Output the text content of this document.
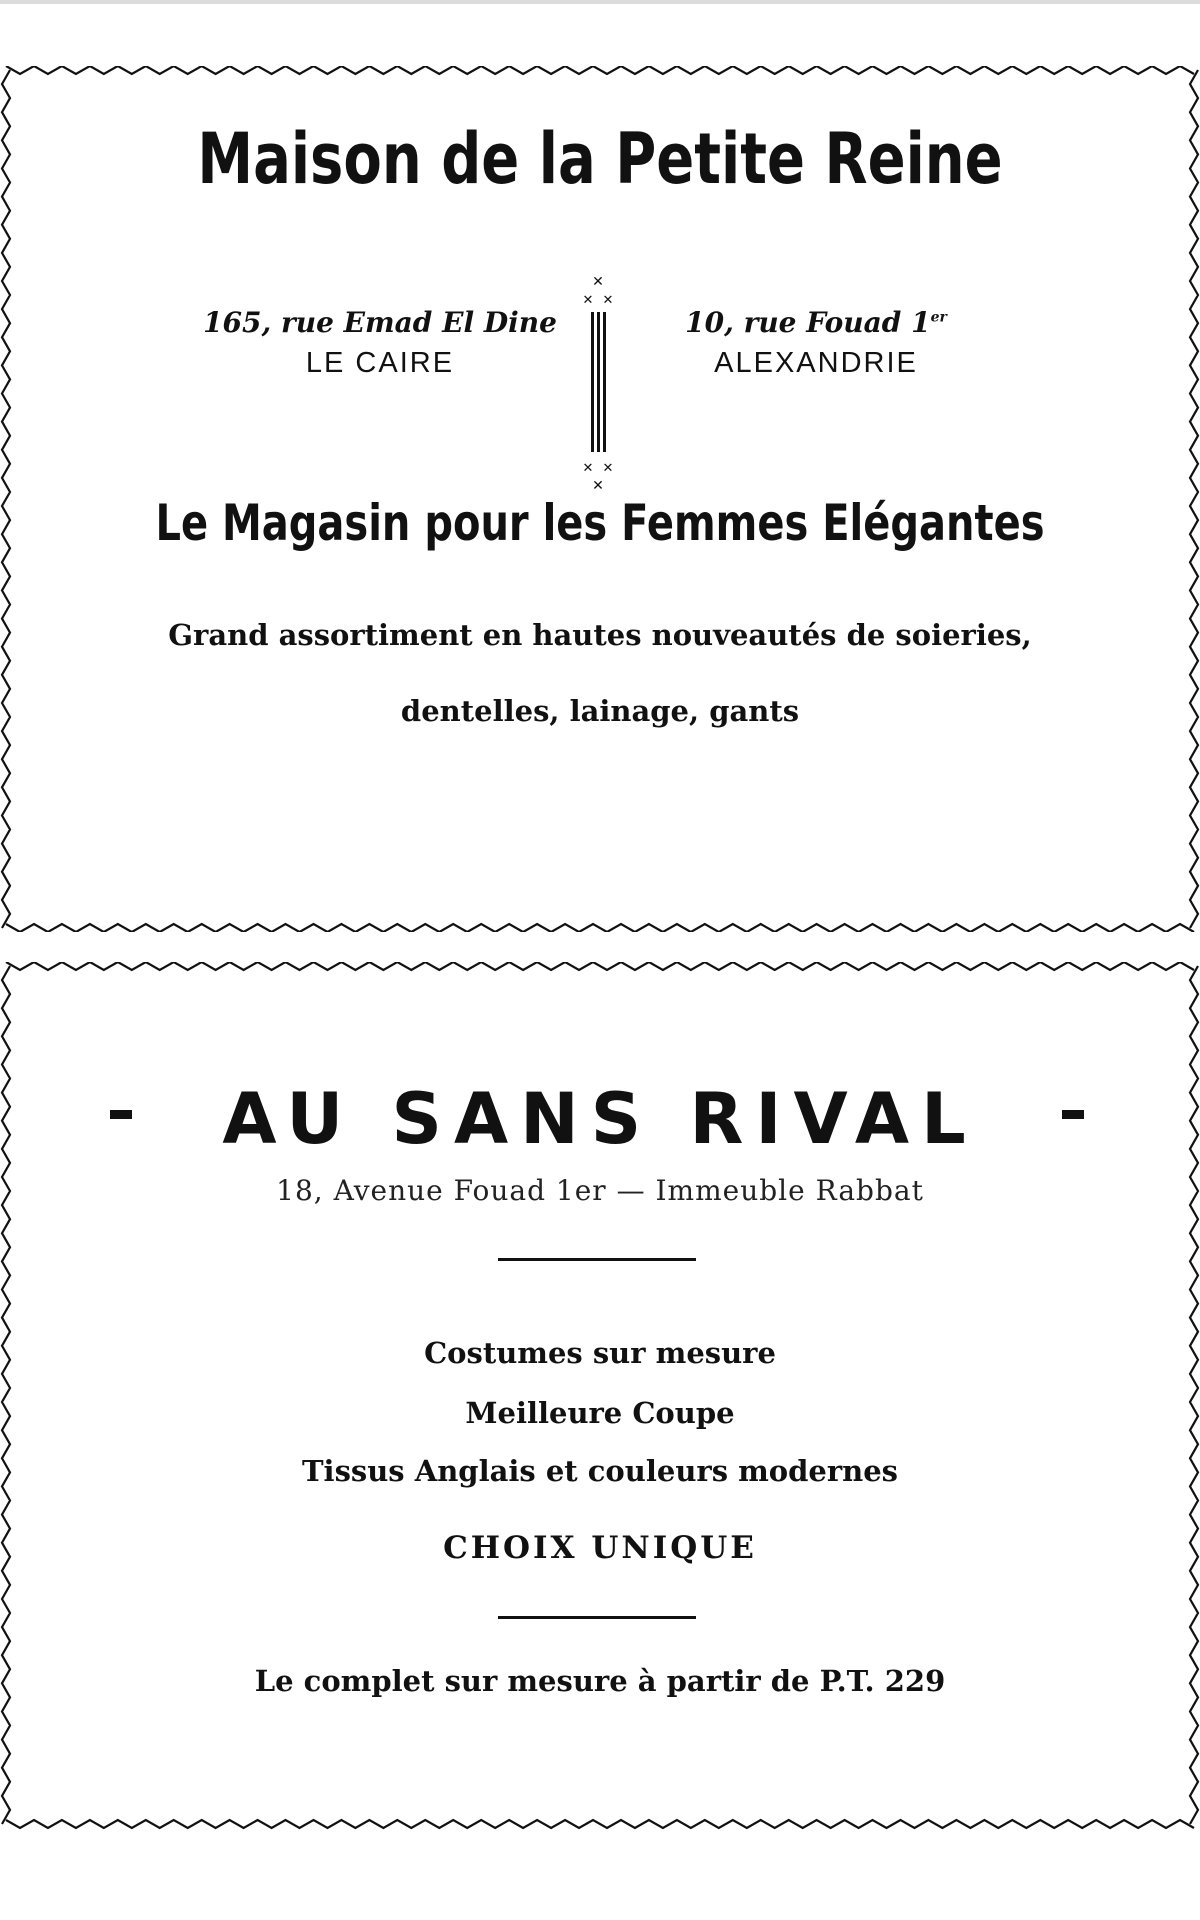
Maison de la Petite Reine
165, rue Emad El Dine
LE CAIRE
✕
✕ ✕
✕ ✕
✕
10, rue Fouad 1er
ALEXANDRIE
Le Magasin pour les Femmes Elégantes

Grand assortiment en hautes nouveautés de soieries,

dentelles, lainage, gants

AU SANS RIVAL

18, Avenue Fouad 1er — Immeuble Rabbat

Costumes sur mesure

Meilleure Coupe

Tissus Anglais et couleurs modernes

CHOIX UNIQUE

Le complet sur mesure à partir de P.T. 229
